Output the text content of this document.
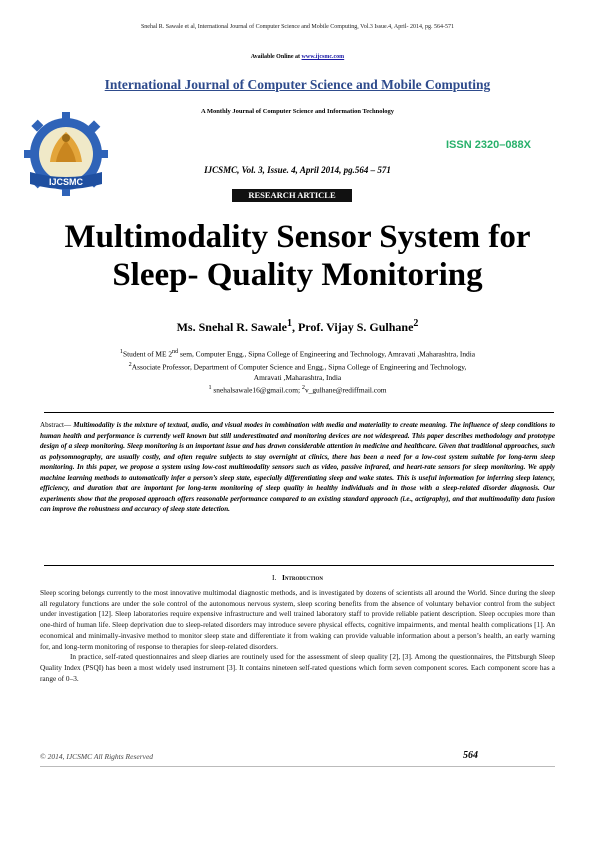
Snehal R. Sawale et al, International Journal of Computer Science and Mobile Computing, Vol.3 Issue.4, April- 2014, pg. 564-571
Available Online at www.ijcsmc.com
International Journal of Computer Science and Mobile Computing
A Monthly Journal of Computer Science and Information Technology
IJCSMC
ISSN 2320–088X
IJCSMC, Vol. 3, Issue. 4, April 2014, pg.564 – 571
RESEARCH ARTICLE
Multimodality Sensor System for
Sleep- Quality Monitoring
Ms. Snehal R. Sawale$^1$, Prof. Vijay S. Gulhane$^2$
$^1$Student of ME 2nd sem, Computer Engg., Sipna College of Engineering and Technology, Amravati ,Maharashtra, India
$^2$Associate Professor, Department of Computer Science and Engg., Sipna College of Engineering and Technology,
Amravati ,Maharashtra, India
$^1$ snehalsawale16@gmail.com; $^2$v_gulhane@rediffmail.com
Abstract— Multimodality is the mixture of textual, audio, and visual modes in combination with media and materiality to create meaning. The influence of sleep conditions to human health and performance is currently well known but still underestimated and monitoring devices are not widespread. This paper describes methodology and prototype design of a sleep monitoring. Sleep monitoring is an important issue and has drawn considerable attention in medicine and healthcare. Given that traditional approaches, such as polysomnography, are usually costly, and often require subjects to stay overnight at clinics, there has been a need for a low-cost system suitable for long-term sleep monitoring. In this paper, we propose a system using low-cost multimodality sensors such as video, passive infrared, and heart-rate sensors for sleep monitoring. We apply machine learning methods to automatically infer a person’s sleep state, especially differentiating sleep and wake states. This is useful information for inferring sleep latency, efficiency, and duration that are important for long-term monitoring of sleep quality in healthy individuals and in those with a sleep-related disorder diagnosis. Our experiments show that the proposed approach offers reasonable performance compared to an existing standard approach (i.e., actigraphy), and that multimodality data fusion can improve the robustness and accuracy of sleep state detection.
I. Introduction

Sleep scoring belongs currently to the most innovative multimodal diagnostic methods, and is investigated by dozens of scientists all around the World. Since during the sleep all regulatory functions are under the sole control of the autonomous nervous system, sleep scoring benefits from the absence of voluntary behavior control from the subject under investigation [12]. Sleep laboratories require expensive infrastructure and well trained laboratory staff to provide reliable patient description. Sleep occupies more than one-third of human life. Sleep deprivation due to sleep-related disorders may introduce severe physical effects, cognitive impairments, and mental health complications [1]. An economical and minimally-invasive method to monitor sleep state and differentiate it from waking can provide valuable information about a person’s health, an early warning for, and long-term monitoring of response to therapies for sleep-related disorders.

In practice, self-rated questionnaires and sleep diaries are routinely used for the assessment of sleep quality [2], [3]. Among the questionnaires, the Pittsburgh Sleep Quality Index (PSQI) has been a most widely used instrument [3]. It contains nineteen self-rated questions which form seven component scores. Each component score has a range of 0–3.

© 2014, IJCSMC All Rights Reserved	564
